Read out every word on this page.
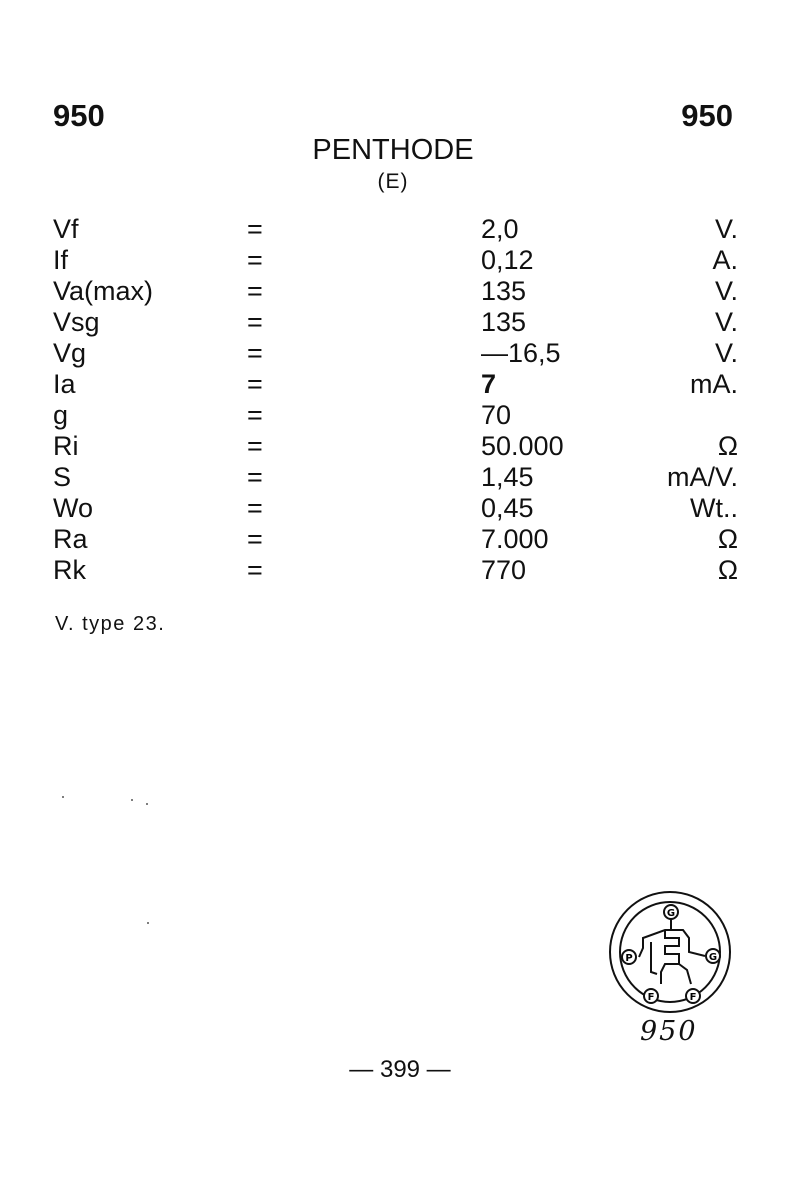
950	950
PENTHODE
(E)
Vf	=	2,0	V.
If	=	0,12	A.
Va(max)	=	135	V.
Vsg	=	135	V.
Vg	=	—16,5	V.
Ia	=	7	mA.
g	=	70
Ri	=	50.000	Ω
S	=	1,45	mA/V.
Wo	=	0,45	Wt..
Ra	=	7.000	Ω
Rk	=	770	Ω
V. type 23.
G
P	G
F	F
950
— 399 —
